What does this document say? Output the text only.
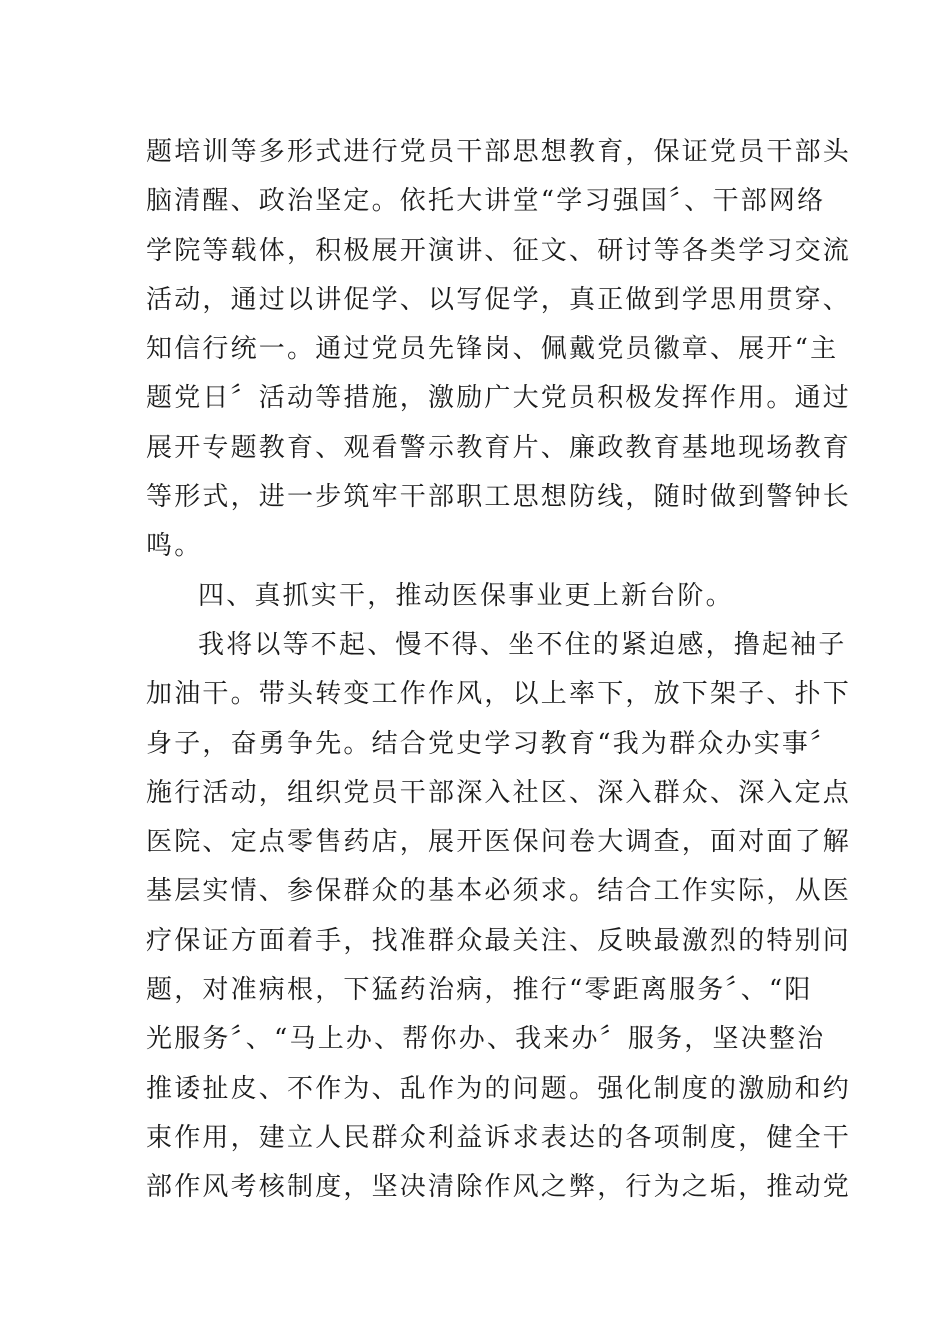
题培训等多形式进行党员干部思想教育，保证党员干部头
脑清醒、政治坚定。依托大讲堂“学习强国〞、干部网络
学院等载体，积极展开演讲、征文、研讨等各类学习交流
活动，通过以讲促学、以写促学，真正做到学思用贯穿、
知信行统一。通过党员先锋岗、佩戴党员徽章、展开“主
题党日〞活动等措施，激励广大党员积极发挥作用。通过
展开专题教育、观看警示教育片、廉政教育基地现场教育
等形式，进一步筑牢干部职工思想防线，随时做到警钟长
鸣。
四、真抓实干，推动医保事业更上新台阶。
我将以等不起、慢不得、坐不住的紧迫感，撸起袖子
加油干。带头转变工作作风，以上率下，放下架子、扑下
身子，奋勇争先。结合党史学习教育“我为群众办实事〞
施行活动，组织党员干部深入社区、深入群众、深入定点
医院、定点零售药店，展开医保问卷大调查，面对面了解
基层实情、参保群众的基本必须求。结合工作实际，从医
疗保证方面着手，找准群众最关注、反映最激烈的特别问
题，对准病根，下猛药治病，推行“零距离服务〞、“阳
光服务〞、“马上办、帮你办、我来办〞服务，坚决整治
推诿扯皮、不作为、乱作为的问题。强化制度的激励和约
束作用，建立人民群众利益诉求表达的各项制度，健全干
部作风考核制度，坚决清除作风之弊，行为之垢，推动党
